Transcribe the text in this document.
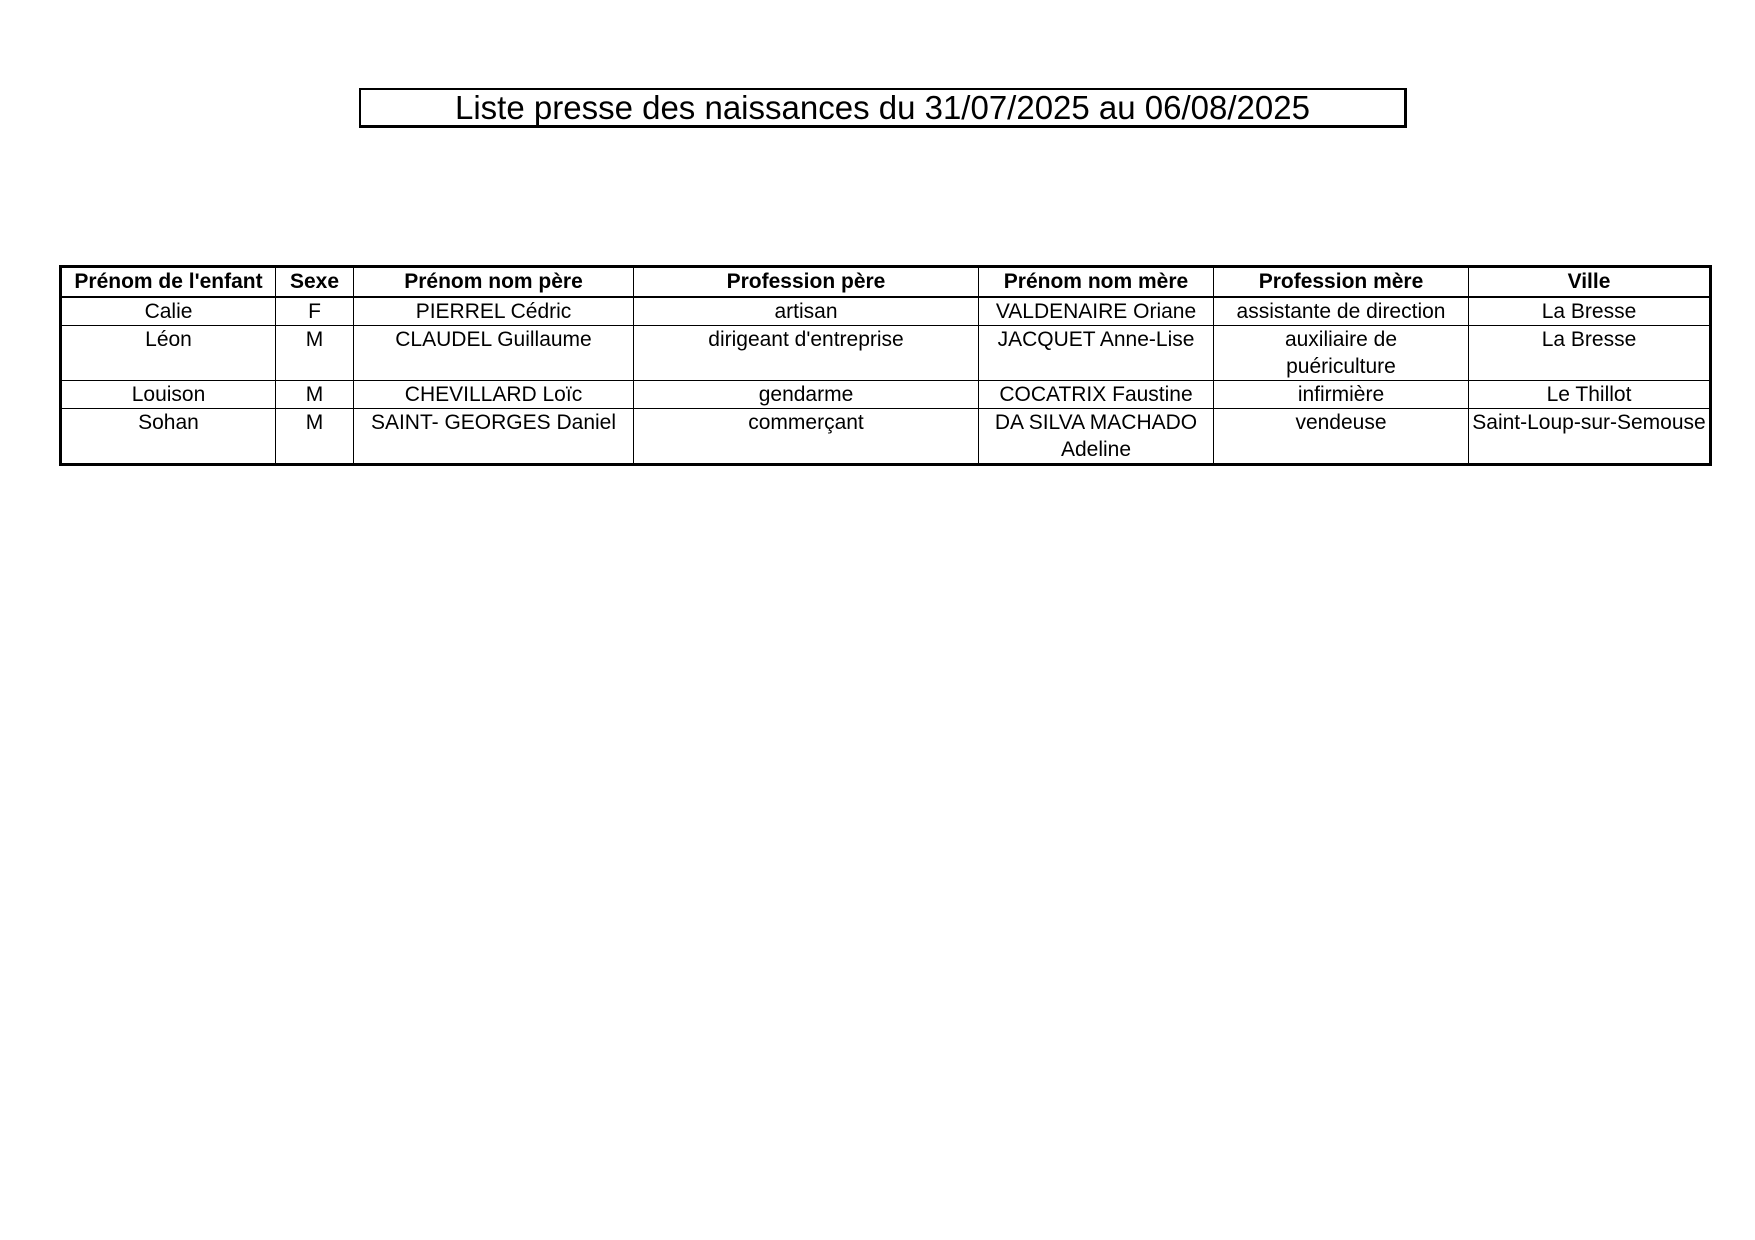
Liste presse des naissances du 31/07/2025 au 06/08/2025
Prénom de l'enfant	Sexe	Prénom nom père	Profession père	Prénom nom mère	Profession mère	Ville
Calie	F	PIERREL Cédric	artisan	VALDENAIRE Oriane	assistante de direction	La Bresse
Léon	M	CLAUDEL Guillaume	dirigeant d'entreprise	JACQUET Anne-Lise	auxiliaire de puériculture	La Bresse
Louison	M	CHEVILLARD Loïc	gendarme	COCATRIX Faustine	infirmière	Le Thillot
Sohan	M	SAINT- GEORGES Daniel	commerçant	DA SILVA MACHADO Adeline	vendeuse	Saint-Loup-sur-Semouse
